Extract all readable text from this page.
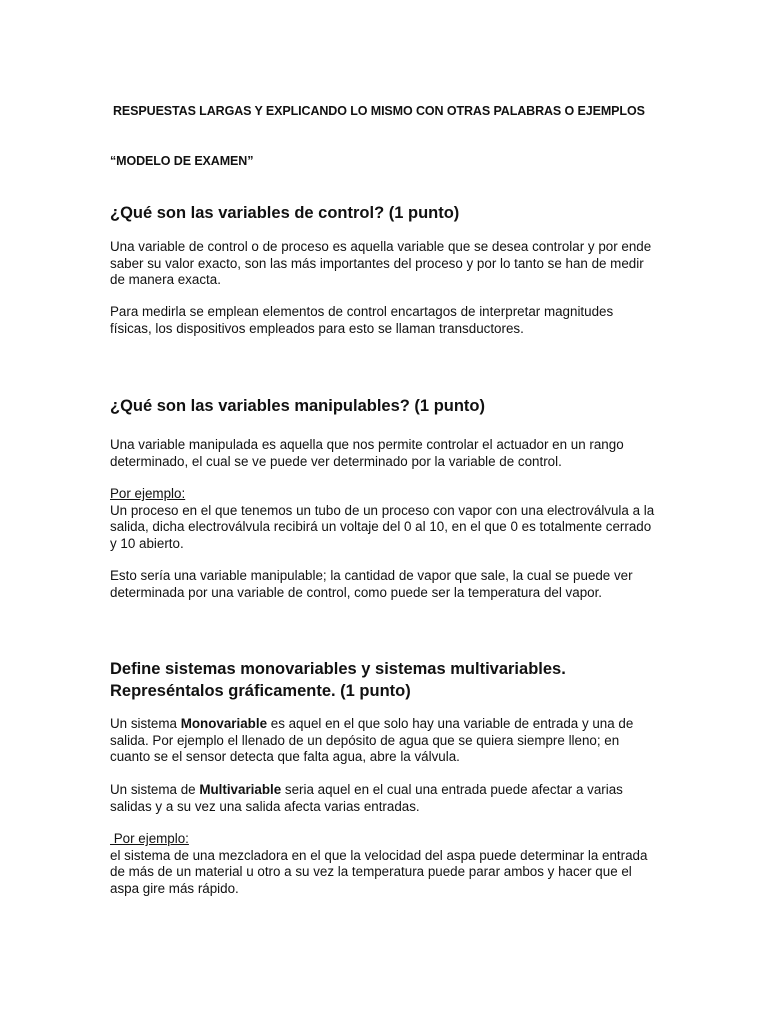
RESPUESTAS LARGAS Y EXPLICANDO LO MISMO CON OTRAS PALABRAS O EJEMPLOS
“MODELO DE EXAMEN”
¿Qué son las variables de control? (1 punto)
Una variable de control o de proceso es aquella variable que se desea controlar y por ende saber su valor exacto, son las más importantes del proceso y por lo tanto se han de medir de manera exacta.
Para medirla se emplean elementos de control encartagos de interpretar magnitudes físicas, los dispositivos empleados para esto se llaman transductores.
¿Qué son las variables manipulables? (1 punto)
Una variable manipulada es aquella que nos permite controlar el actuador en un rango determinado, el cual se ve puede ver determinado por la variable de control.
Por ejemplo:
Un proceso en el que tenemos un tubo de un proceso con vapor con una electroválvula a la salida, dicha electroválvula recibirá un voltaje del 0 al 10, en el que 0 es totalmente cerrado y 10 abierto.
Esto sería una variable manipulable; la cantidad de vapor que sale, la cual se puede ver determinada por una variable de control, como puede ser la temperatura del vapor.
Define sistemas monovariables y sistemas multivariables. Represéntalos gráficamente. (1 punto)
Un sistema Monovariable es aquel en el que solo hay una variable de entrada y una de salida. Por ejemplo el llenado de un depósito de agua que se quiera siempre lleno; en cuanto se el sensor detecta que falta agua, abre la válvula.
Un sistema de Multivariable seria aquel en el cual una entrada puede afectar a varias salidas y a su vez una salida afecta varias entradas.
Por ejemplo:
el sistema de una mezcladora en el que la velocidad del aspa puede determinar la entrada de más de un material u otro a su vez la temperatura puede parar ambos y hacer que el aspa gire más rápido.
